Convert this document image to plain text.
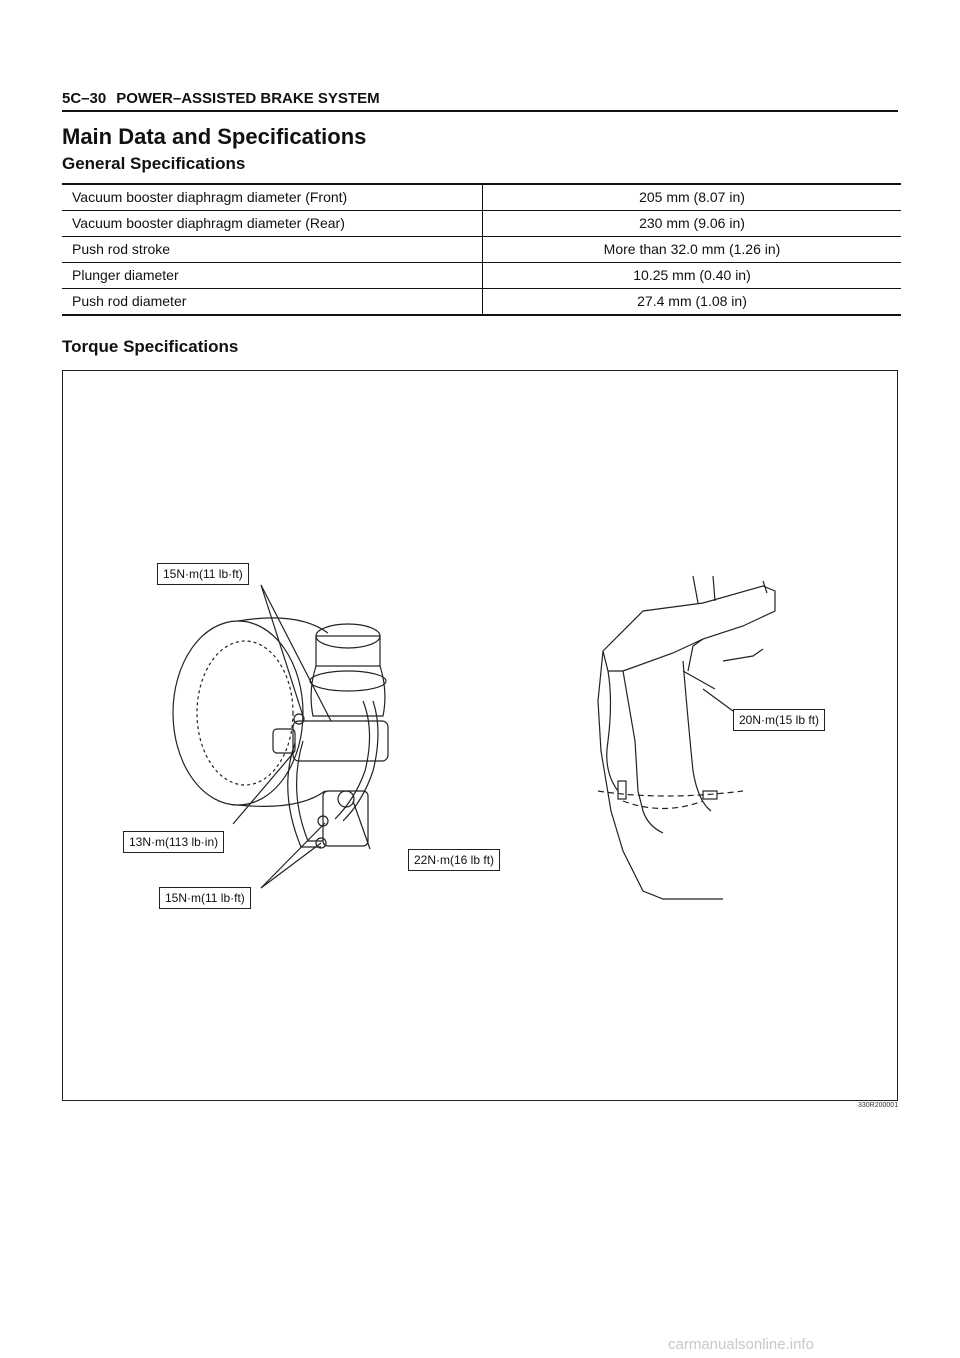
5C–30 POWER–ASSISTED BRAKE SYSTEM
Main Data and Specifications
General Specifications
Vacuum booster diaphragm diameter (Front)	205 mm (8.07 in)
Vacuum booster diaphragm diameter (Rear)	230 mm (9.06 in)
Push rod stroke	More than 32.0 mm (1.26 in)
Plunger diameter	10.25 mm (0.40 in)
Push rod diameter	27.4 mm (1.08 in)
Torque Specifications
15N·m(11 lb·ft)
20N·m(15 lb ft)
13N·m(113 lb·in)
22N·m(16 lb ft)
15N·m(11 lb·ft)
330R200001
carmanualsonline.info
